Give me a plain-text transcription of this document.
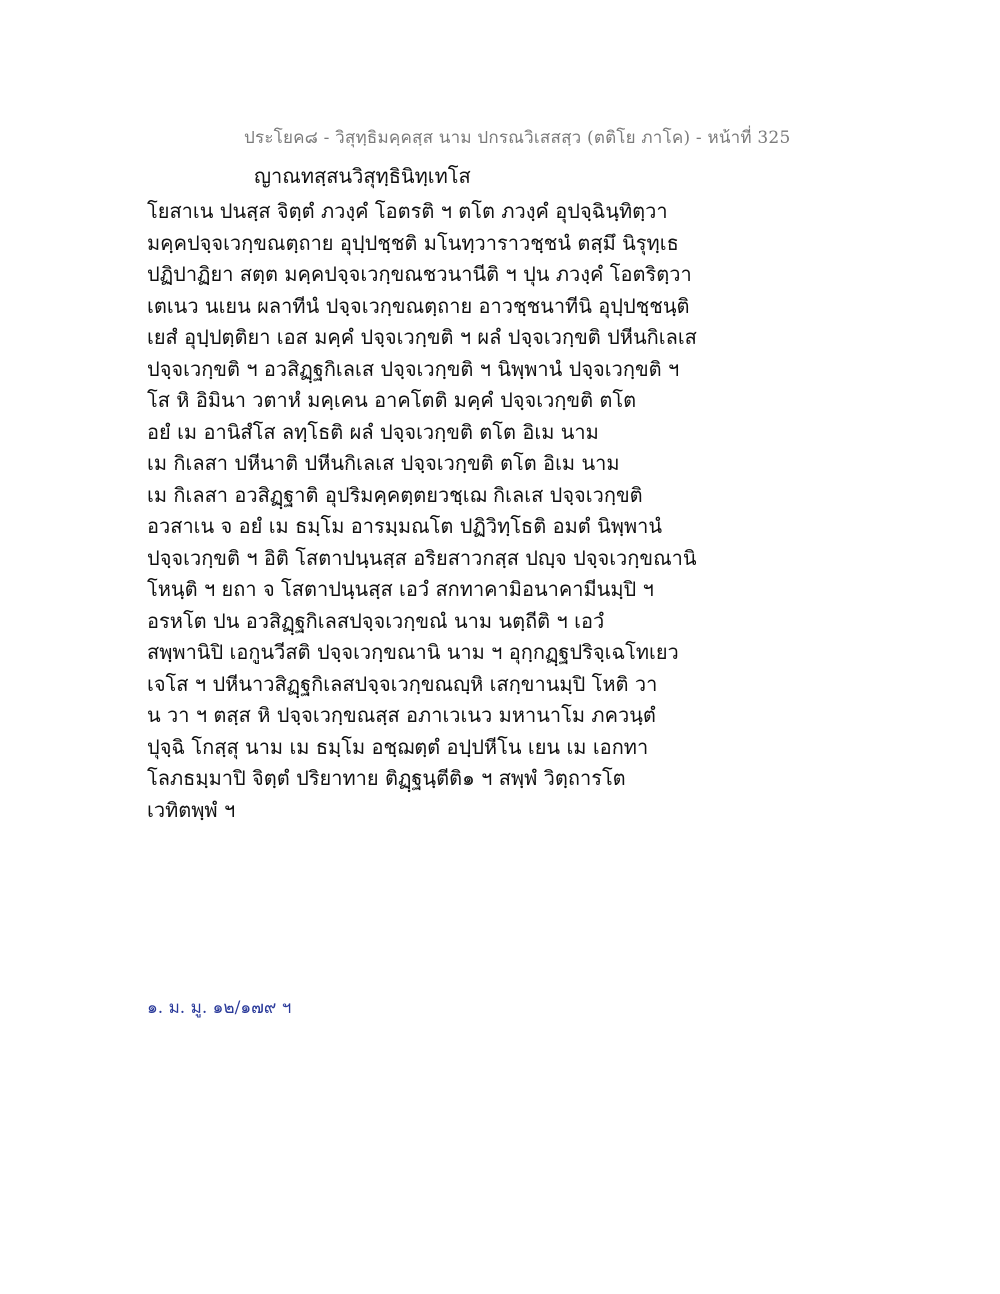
ประโยค๘ - วิสุทฺธิมคฺคสฺส นาม ปกรณวิเสสสฺว (ตติโย ภาโค) - หน้าที่ 325
ญาณทสฺสนวิสุทฺธินิทฺเทโส
โยสาเน ปนสฺส จิตฺตํ ภวงฺคํ โอตรติ ฯ ตโต ภวงฺคํ อุปจฺฉินฺทิตฺวา
มคฺคปจฺจเวกฺขณตฺถาย อุปฺปชฺชติ มโนทฺวาราวชฺชนํ ตสฺมึ นิรุทฺเธ
ปฏิปาฏิยา สตฺต มคฺคปจฺจเวกฺขณชวนานีติ ฯ ปุน ภวงฺคํ โอตริตฺวา
เตเนว นเยน ผลาทีนํ ปจฺจเวกฺขณตฺถาย อาวชฺชนาทีนิ อุปฺปชฺชนฺติ
เยสํ อุปฺปตฺติยา เอส มคฺคํ ปจฺจเวกฺขติ ฯ ผลํ ปจฺจเวกฺขติ ปหีนกิเลเส
ปจฺจเวกฺขติ ฯ อวสิฏฺฐกิเลเส ปจฺจเวกฺขติ ฯ นิพฺพานํ ปจฺจเวกฺขติ ฯ
โส หิ อิมินา วตาหํ มคฺเคน อาคโตติ มคฺคํ ปจฺจเวกฺขติ ตโต
อยํ เม อานิสํโส ลทฺโธติ ผลํ ปจฺจเวกฺขติ ตโต อิเม นาม
เม กิเลสา ปหีนาติ ปหีนกิเลเส ปจฺจเวกฺขติ ตโต อิเม นาม
เม กิเลสา อวสิฏฺฐาติ อุปริมคฺคตฺตยวชฺเฌ กิเลเส ปจฺจเวกฺขติ
อวสาเน จ อยํ เม ธมฺโม อารมฺมณโต ปฏิวิทฺโธติ อมตํ นิพฺพานํ
ปจฺจเวกฺขติ ฯ อิติ โสตาปนฺนสฺส อริยสาวกสฺส ปญฺจ ปจฺจเวกฺขณานิ
โหนฺติ ฯ ยถา จ โสตาปนฺนสฺส เอวํ สกทาคามิอนาคามีนมฺปิ ฯ
อรหโต ปน อวสิฏฺฐกิเลสปจฺจเวกฺขณํ นาม นตฺถีติ ฯ เอวํ
สพฺพานิปิ เอกูนวีสติ ปจฺจเวกฺขณานิ นาม ฯ อุกฺกฏฺฐปริจฺเฉโทเยว
เจโส ฯ ปหีนาวสิฏฺฐกิเลสปจฺจเวกฺขณญฺหิ เสกฺขานมฺปิ โหติ วา
น วา ฯ ตสฺส หิ ปจฺจเวกฺขณสฺส อภาเวเนว มหานาโม ภควนฺตํ
ปุจฺฉิ โกสฺสุ นาม เม ธมฺโม อชฺฌตฺตํ อปฺปหีโน เยน เม เอกทา
โลภธมฺมาปิ จิตฺตํ ปริยาทาย ติฏฺฐนฺตีติ๑ ฯ สพฺพํ วิตฺถารโต
เวทิตพฺพํ ฯ
๑. ม. มู. ๑๒/๑๗๙ ฯ
